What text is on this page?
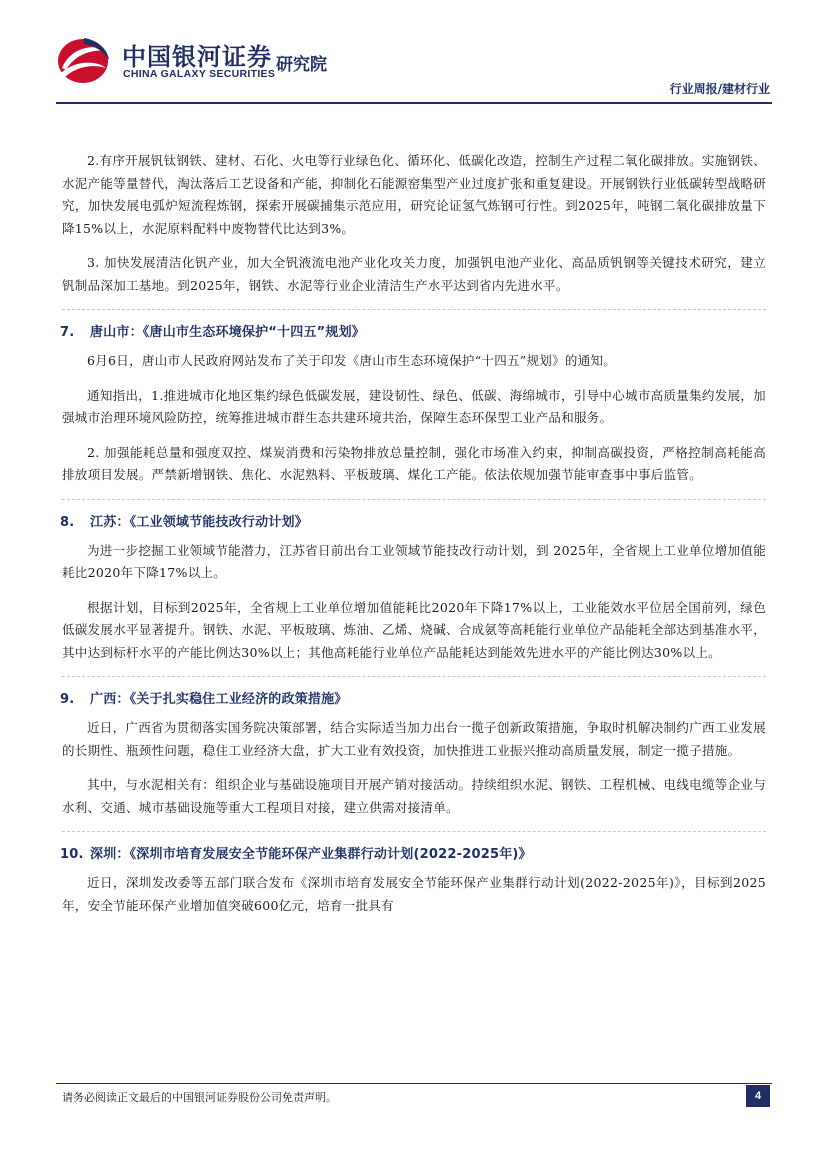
中国银河证券
CHINA GALAXY SECURITIES 研究院
行业周报/建材行业

2.有序开展钒钛钢铁、建材、石化、火电等行业绿色化、循环化、低碳化改造，控制生产过程二氧化碳排放。实施钢铁、水泥产能等量替代，淘汰落后工艺设备和产能，抑制化石能源窑集型产业过度扩张和重复建设。开展钢铁行业低碳转型战略研究，加快发展电弧炉短流程炼钢，探索开展碳捕集示范应用，研究论证氢气炼钢可行性。到2025年，吨钢二氧化碳排放量下降15%以上，水泥原料配料中废物替代比达到3%。

3. 加快发展清洁化钒产业，加大全钒液流电池产业化攻关力度，加强钒电池产业化、高品质钒钢等关键技术研究，建立钒制品深加工基地。到2025年，钢铁、水泥等行业企业清洁生产水平达到省内先进水平。

7. 唐山市：《唐山市生态环境保护“十四五”规划》

6月6日，唐山市人民政府网站发布了关于印发《唐山市生态环境保护“十四五”规划》的通知。

通知指出，1.推进城市化地区集约绿色低碳发展，建设韧性、绿色、低碳、海绵城市，引导中心城市高质量集约发展，加强城市治理环境风险防控，统筹推进城市群生态共建环境共治，保障生态环保型工业产品和服务。

2. 加强能耗总量和强度双控、煤炭消费和污染物排放总量控制，强化市场准入约束，抑制高碳投资，严格控制高耗能高排放项目发展。严禁新增钢铁、焦化、水泥熟料、平板玻璃、煤化工产能。依法依规加强节能审查事中事后监管。

8. 江苏：《工业领域节能技改行动计划》

为进一步挖掘工业领域节能潜力，江苏省日前出台工业领域节能技改行动计划，到 2025年，全省规上工业单位增加值能耗比2020年下降17%以上。

根据计划，目标到2025年，全省规上工业单位增加值能耗比2020年下降17%以上，工业能效水平位居全国前列，绿色低碳发展水平显著提升。钢铁、水泥、平板玻璃、炼油、乙烯、烧碱、合成氨等高耗能行业单位产品能耗全部达到基准水平，其中达到标杆水平的产能比例达30%以上；其他高耗能行业单位产品能耗达到能效先进水平的产能比例达30%以上。

9. 广西：《关于扎实稳住工业经济的政策措施》

近日，广西省为贯彻落实国务院决策部署，结合实际适当加力出台一揽子创新政策措施，争取时机解决制约广西工业发展的长期性、瓶颈性问题，稳住工业经济大盘，扩大工业有效投资，加快推进工业振兴推动高质量发展，制定一揽子措施。

其中，与水泥相关有：组织企业与基础设施项目开展产销对接活动。持续组织水泥、钢铁、工程机械、电线电缆等企业与水利、交通、城市基础设施等重大工程项目对接，建立供需对接清单。

10. 深圳：《深圳市培育发展安全节能环保产业集群行动计划(2022-2025年)》

近日，深圳发改委等五部门联合发布《深圳市培育发展安全节能环保产业集群行动计划(2022-2025年)》，目标到2025年，安全节能环保产业增加值突破600亿元，培育一批具有

请务必阅读正文最后的中国银河证券股份公司免责声明。	4
